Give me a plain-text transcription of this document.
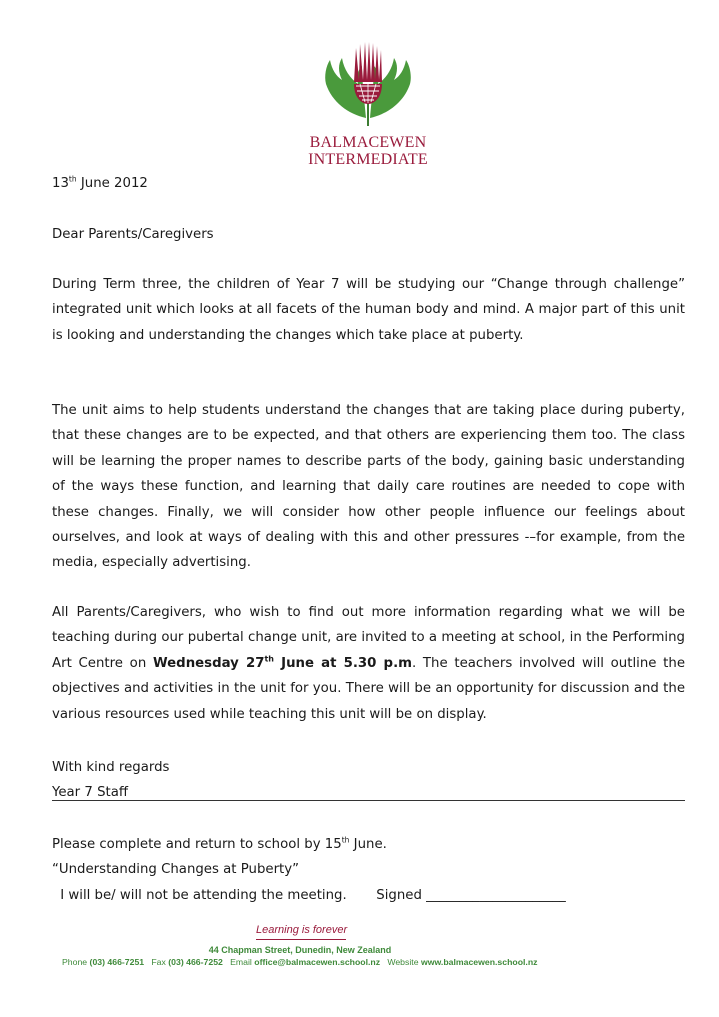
BALMACEWEN
INTERMEDIATE
13th June 2012
Dear Parents/Caregivers
During Term three, the children of Year 7 will be studying our “Change through challenge” integrated unit which looks at all facets of the human body and mind. A major part of this unit is looking and understanding the changes which take place at puberty.
The unit aims to help students understand the changes that are taking place during puberty, that these changes are to be expected, and that others are experiencing them too. The class will be learning the proper names to describe parts of the body, gaining basic understanding of the ways these function, and learning that daily care routines are needed to cope with these changes. Finally, we will consider how other people influence our feelings about ourselves, and look at ways of dealing with this and other pressures -–for example, from the media, especially advertising.
All Parents/Caregivers, who wish to find out more information regarding what we will be teaching during our pubertal change unit, are invited to a meeting at school, in the Performing Art Centre on Wednesday 27th June at 5.30 p.m. The teachers involved will outline the objectives and activities in the unit for you. There will be an opportunity for discussion and the various resources used while teaching this unit will be on display.
With kind regards
Year 7 Staff
Please complete and return to school by 15th June.
“Understanding Changes at Puberty”
I will be/ will not be attending the meeting.       Signed _____________________
Learning is forever
44 Chapman Street, Dunedin, New Zealand
Phone (03) 466-7251 Fax (03) 466-7252 Email office@balmacewen.school.nz Website www.balmacewen.school.nz
